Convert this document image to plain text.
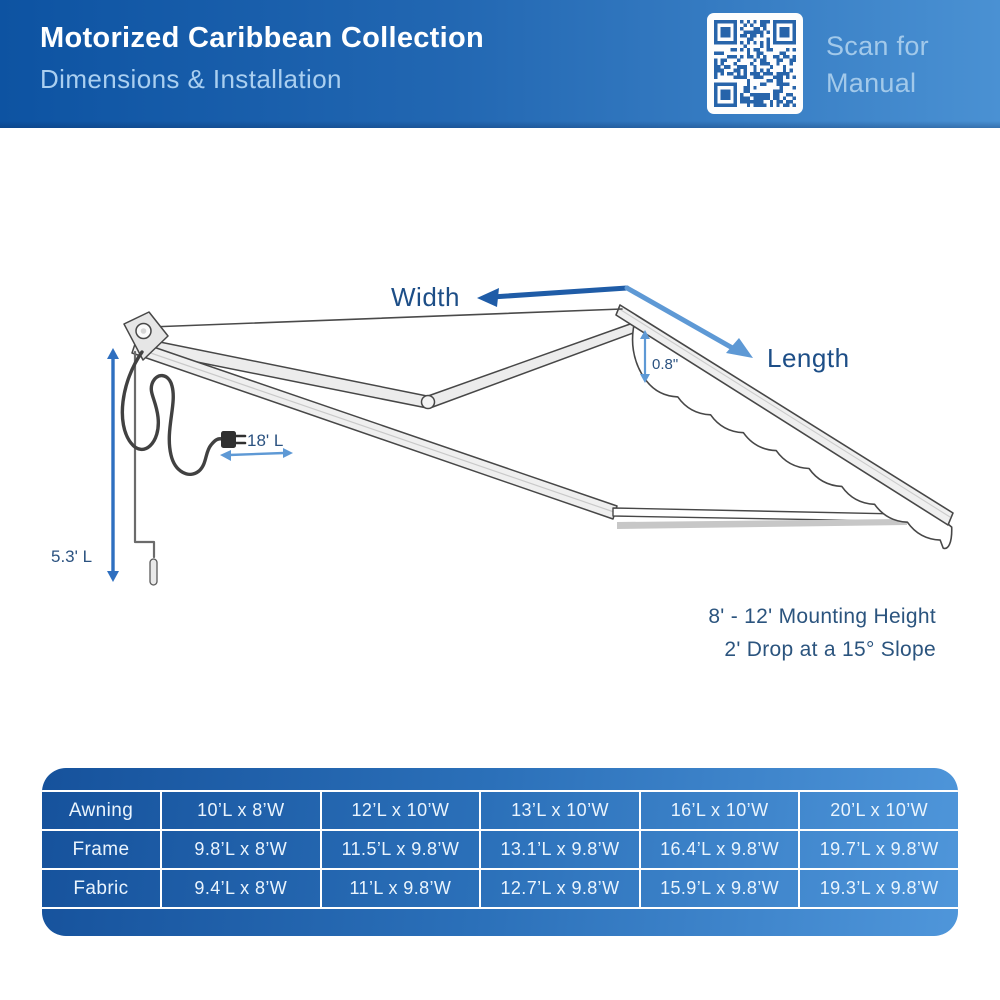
Motorized Caribbean Collection
Dimensions & Installation
Scan for
Manual
Width
Length
0.8"
18' L
5.3' L
8' - 12' Mounting Height
2' Drop at a 15° Slope
Awning	10’L x 8’W	12’L x 10’W	13’L x 10’W	16’L x 10’W	20’L x 10’W
Frame	9.8’L x 8’W	11.5’L x 9.8’W	13.1’L x 9.8’W	16.4’L x 9.8’W	19.7’L x 9.8’W
Fabric	9.4’L x 8’W	11’L x 9.8’W	12.7’L x 9.8’W	15.9’L x 9.8’W	19.3’L x 9.8’W
